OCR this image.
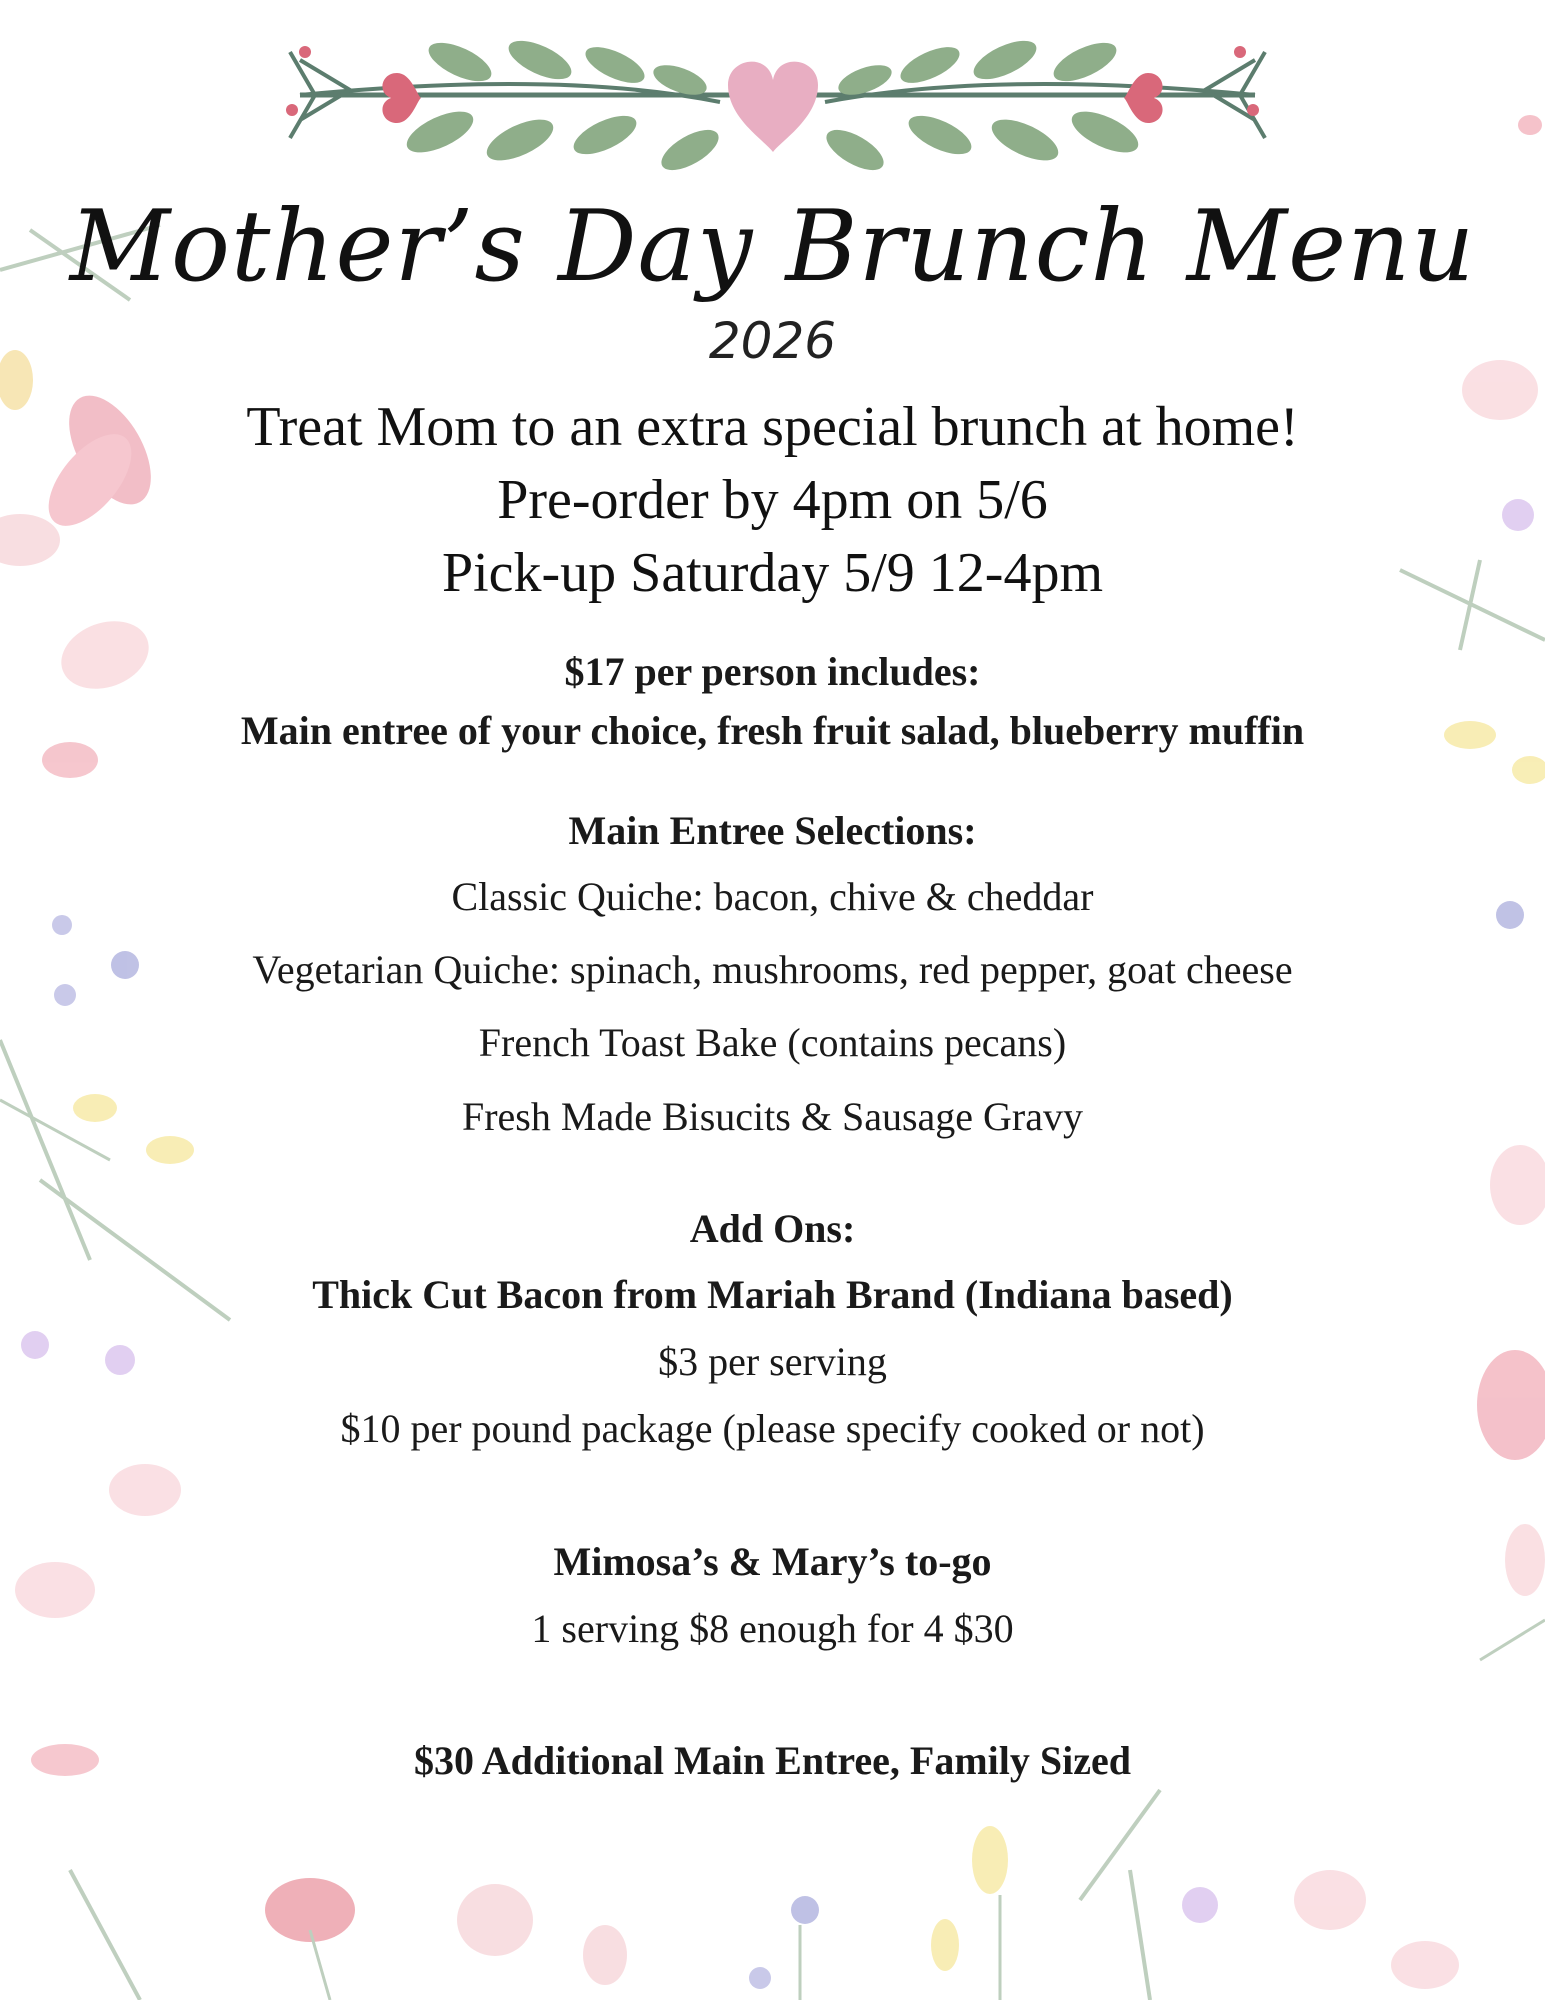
Mother’s Day Brunch Menu
2026
Treat Mom to an extra special brunch at home!
Pre-order by 4pm on 5/6
Pick-up Saturday 5/9 12-4pm
$17 per person includes:
Main entree of your choice, fresh fruit salad, blueberry muffin
Main Entree Selections:
Classic Quiche: bacon, chive & cheddar
Vegetarian Quiche: spinach, mushrooms, red pepper, goat cheese
French Toast Bake (contains pecans)
Fresh Made Bisucits & Sausage Gravy
Add Ons:
Thick Cut Bacon from Mariah Brand (Indiana based)
$3 per serving
$10 per pound package (please specify cooked or not)
Mimosa’s & Mary’s to-go
1 serving $8 enough for 4 $30
$30 Additional Main Entree, Family Sized
